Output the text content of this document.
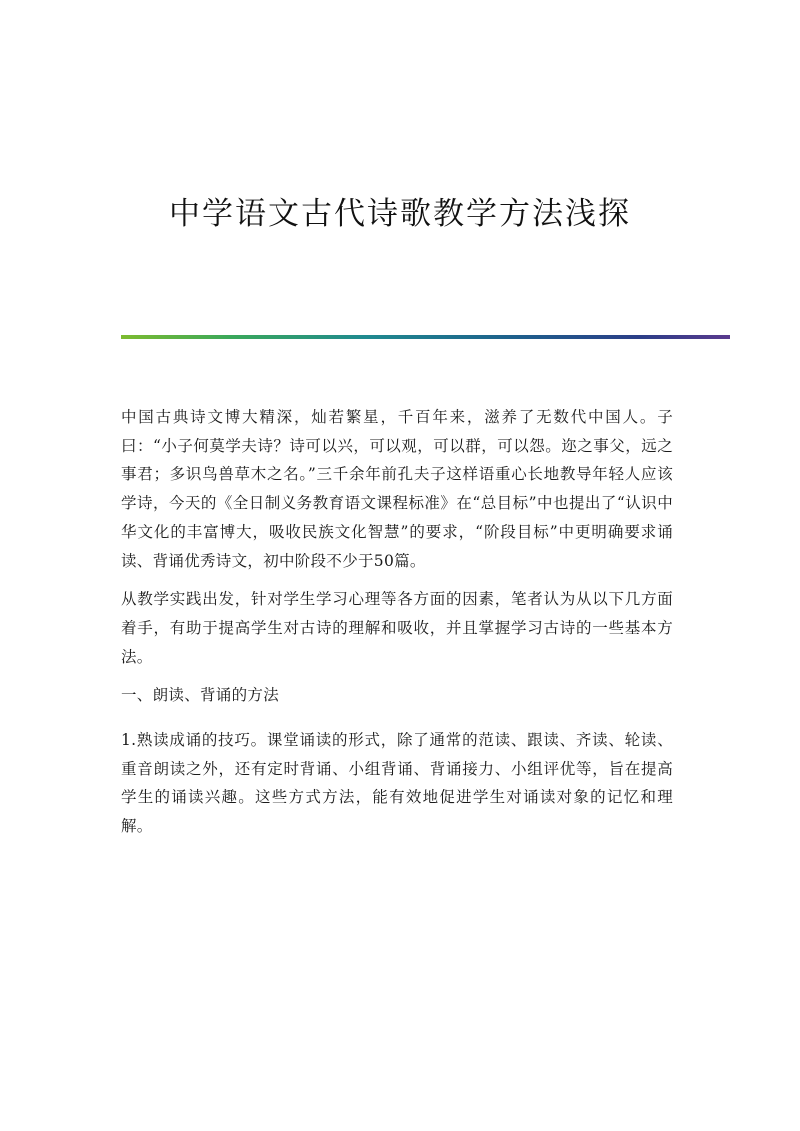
中学语文古代诗歌教学方法浅探

中国古典诗文博大精深，灿若繁星，千百年来，滋养了无数代中国人。子曰：“小子何莫学夫诗？诗可以兴，可以观，可以群，可以怨。迩之事父，远之事君；多识鸟兽草木之名。”三千余年前孔夫子这样语重心长地教导年轻人应该学诗，今天的《全日制义务教育语文课程标准》在“总目标”中也提出了“认识中华文化的丰富博大，吸收民族文化智慧”的要求，“阶段目标”中更明确要求诵读、背诵优秀诗文，初中阶段不少于50篇。

从教学实践出发，针对学生学习心理等各方面的因素，笔者认为从以下几方面着手，有助于提高学生对古诗的理解和吸收，并且掌握学习古诗的一些基本方法。

一、朗读、背诵的方法

1.熟读成诵的技巧。课堂诵读的形式，除了通常的范读、跟读、齐读、轮读、重音朗读之外，还有定时背诵、小组背诵、背诵接力、小组评优等，旨在提高学生的诵读兴趣。这些方式方法，能有效地促进学生对诵读对象的记忆和理解。
